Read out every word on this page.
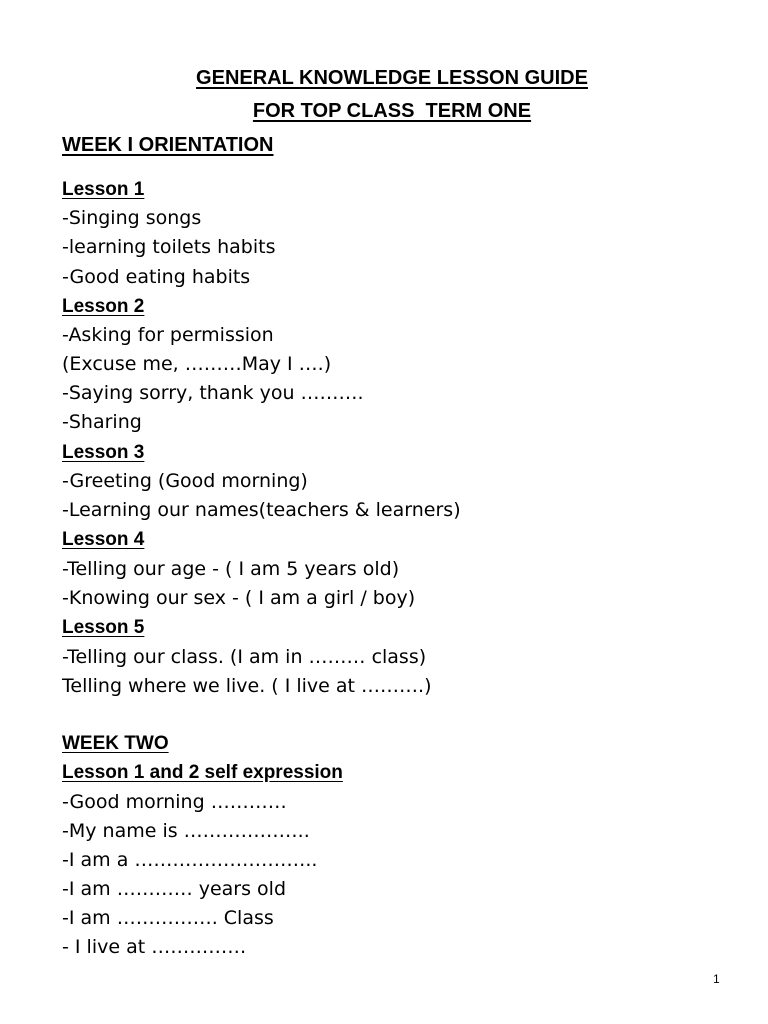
GENERAL KNOWLEDGE LESSON GUIDE
FOR TOP CLASS  TERM ONE
WEEK I ORIENTATION
Lesson 1
-Singing songs
-learning toilets habits
-Good eating habits
Lesson 2
-Asking for permission
(Excuse me, ………May I ….)
-Saying sorry, thank you ……….
-Sharing
Lesson 3
-Greeting (Good morning)
-Learning our names(teachers & learners)
Lesson 4
-Telling our age - ( I am 5 years old)
-Knowing our sex - ( I am a girl / boy)
Lesson 5
-Telling our class. (I am in ……… class)
Telling where we live. ( I live at ……….)
WEEK TWO
Lesson 1 and 2 self expression
-Good morning …………
-My name is ………………..
-I am a ………………………..
-I am ………… years old
-I am ……………. Class
- I live at ……………
1
